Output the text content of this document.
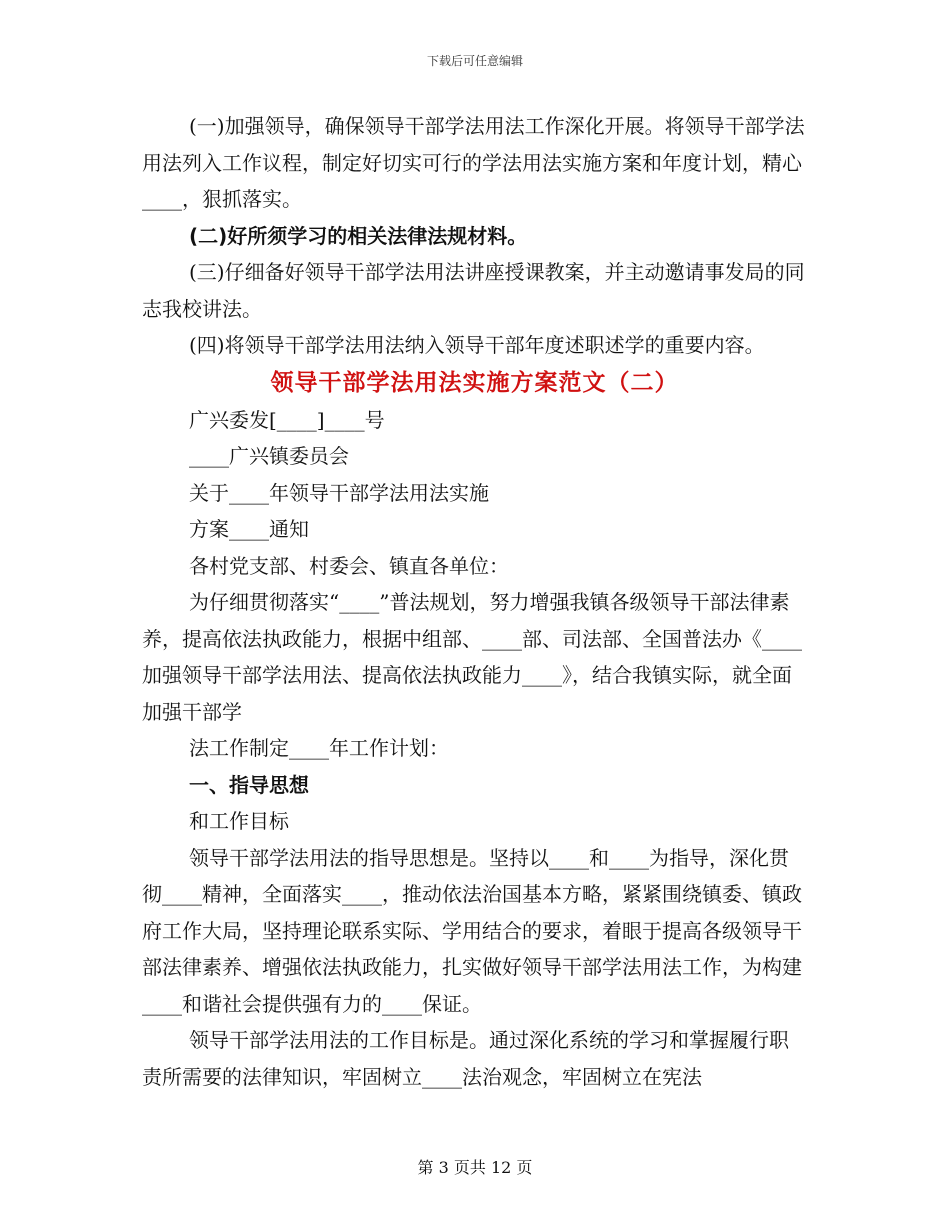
下载后可任意编辑

(一)加强领导，确保领导干部学法用法工作深化开展。将领导干部学法用法列入工作议程，制定好切实可行的学法用法实施方案和年度计划，精心____，狠抓落实。

(二)好所须学习的相关法律法规材料。

(三)仔细备好领导干部学法用法讲座授课教案，并主动邀请事发局的同志我校讲法。

(四)将领导干部学法用法纳入领导干部年度述职述学的重要内容。

领导干部学法用法实施方案范文（二）

广兴委发[____]____号

____广兴镇委员会

关于____年领导干部学法用法实施

方案____通知

各村党支部、村委会、镇直各单位：

为仔细贯彻落实“____”普法规划，努力增强我镇各级领导干部法律素养，提高依法执政能力，根据中组部、____部、司法部、全国普法办《____加强领导干部学法用法、提高依法执政能力____》，结合我镇实际，就全面加强干部学

法工作制定____年工作计划：

一、指导思想

和工作目标

领导干部学法用法的指导思想是。坚持以____和____为指导，深化贯彻____精神，全面落实____，推动依法治国基本方略，紧紧围绕镇委、镇政府工作大局，坚持理论联系实际、学用结合的要求，着眼于提高各级领导干部法律素养、增强依法执政能力，扎实做好领导干部学法用法工作，为构建____和谐社会提供强有力的____保证。

领导干部学法用法的工作目标是。通过深化系统的学习和掌握履行职责所需要的法律知识，牢固树立____法治观念，牢固树立在宪法

第 3 页共 12 页
